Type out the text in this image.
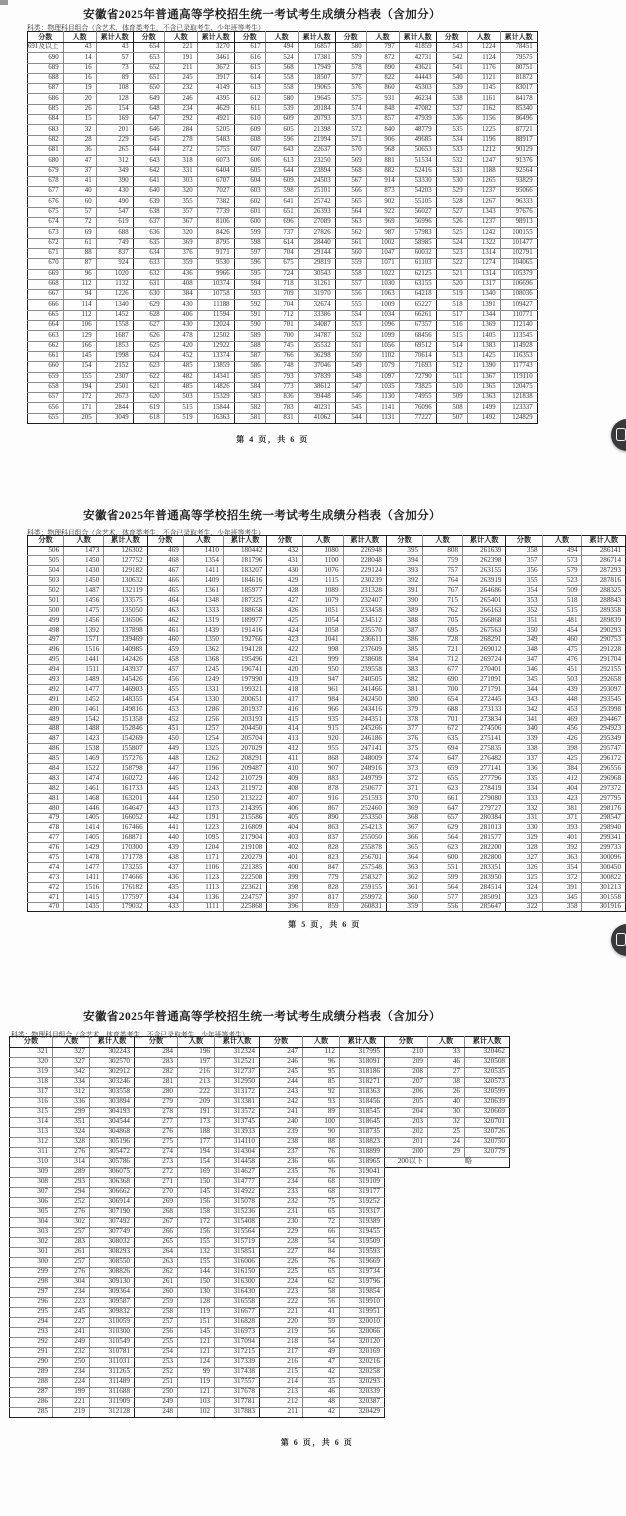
安徽省2025年普通高等学校招生统一考试考生成绩分档表（含加分）
科类：物理科目组合（含艺术、体育类考生，不含已录取考生、少年班等考生）
分数	人数	累计人数	分数	人数	累计人数	分数	人数	累计人数	分数	人数	累计人数	分数	人数	累计人数
691及以上	43	43	654	221	3270	617	494	16857	580	797	41859	543	1224	78451
690	14	57	653	191	3461	616	524	17381	579	872	42731	542	1124	79575
689	16	73	652	211	3672	615	568	17949	578	890	43621	541	1176	80751
688	16	89	651	245	3917	614	558	18507	577	822	44443	540	1121	81872
687	19	108	650	232	4149	613	558	19065	576	860	45303	539	1145	83017
686	20	128	649	246	4395	612	580	19645	575	931	46234	538	1161	84178
685	26	154	648	234	4629	611	539	20184	574	848	47082	537	1162	85340
684	15	169	647	292	4921	610	609	20793	573	857	47939	536	1156	86496
683	32	201	646	284	5205	609	605	21398	572	840	48779	535	1225	87721
682	28	229	645	278	5483	608	596	21994	571	906	49685	534	1196	88917
681	36	265	644	272	5755	607	643	22637	570	968	50653	533	1212	90129
680	47	312	643	318	6073	606	613	23250	569	881	51534	532	1247	91376
679	37	349	642	331	6404	605	644	23894	568	882	52416	531	1188	92564
678	41	390	641	303	6707	604	609	24503	567	914	53330	530	1265	93829
677	40	430	640	320	7027	603	598	25101	566	873	54203	529	1237	95066
676	60	490	639	355	7382	602	641	25742	565	902	55105	528	1267	96333
675	57	547	638	357	7739	601	651	26393	564	922	56027	527	1343	97676
674	72	619	637	367	8106	600	696	27089	563	969	56996	526	1237	98913
673	69	688	636	320	8426	599	737	27826	562	987	57983	525	1242	100155
672	61	749	635	369	8795	598	614	28440	561	1002	58985	524	1322	101477
671	88	837	634	376	9171	597	704	29144	560	1047	60032	523	1314	102791
670	87	924	633	359	9530	596	675	29819	559	1071	61103	522	1274	104065
669	96	1020	632	436	9966	595	724	30543	558	1022	62125	521	1314	105379
668	112	1132	631	408	10374	594	718	31261	557	1030	63155	520	1317	106696
667	94	1226	630	384	10758	593	709	31970	556	1063	64218	519	1340	108036
666	114	1340	629	430	11188	592	704	32674	555	1009	65227	518	1391	109427
665	112	1452	628	406	11594	591	712	33386	554	1034	66261	517	1344	110771
664	106	1558	627	430	12024	590	701	34087	553	1096	67357	516	1369	112140
663	129	1687	626	478	12502	589	700	34787	552	1099	68456	515	1405	113545
662	166	1853	625	420	12922	588	745	35532	551	1056	69512	514	1383	114928
661	145	1998	624	452	13374	587	766	36298	550	1102	70614	513	1425	116353
660	154	2152	623	485	13859	586	748	37046	549	1079	71693	512	1390	117743
659	155	2307	622	482	14341	585	793	37839	548	1097	72790	511	1367	119110
658	194	2501	621	485	14826	584	773	38612	547	1035	73825	510	1365	120475
657	172	2673	620	503	15329	583	836	39448	546	1130	74955	509	1363	121838
656	171	2844	619	515	15844	582	783	40231	545	1141	76096	508	1499	123337
655	205	3049	618	519	16363	581	831	41062	544	1131	77227	507	1492	124829
第 4 页，共 6 页
安徽省2025年普通高等学校招生统一考试考生成绩分档表（含加分）
科类：物理科目组合（含艺术、体育类考生，不含已录取考生、少年班等考生）
分数	人数	累计人数	分数	人数	累计人数	分数	人数	累计人数	分数	人数	累计人数	分数	人数	累计人数
506	1473	126302	469	1410	180442	432	1080	226948	395	808	261639	358	494	286141
505	1450	127752	468	1354	181796	431	1100	228048	394	759	262398	357	573	286714
504	1430	129182	467	1411	183207	430	1076	229124	393	757	263155	356	579	287293
503	1450	130632	466	1409	184616	429	1115	230239	392	764	263919	355	523	287816
502	1487	132119	465	1361	185977	428	1089	231328	391	767	264686	354	509	288325
501	1456	133575	464	1348	187325	427	1079	232407	390	715	265401	353	518	288843
500	1475	135050	463	1333	188658	426	1051	233458	389	762	266163	352	515	289358
499	1456	136506	462	1319	189977	425	1054	234512	388	705	266868	351	481	289839
498	1392	137898	461	1439	191416	424	1058	235570	387	695	267563	350	454	290293
497	1571	139469	460	1350	192766	423	1041	236611	386	728	268291	349	460	290753
496	1516	140985	459	1362	194128	422	998	237609	385	721	269012	348	475	291228
495	1441	142426	458	1368	195496	421	999	238608	384	712	269724	347	476	291704
494	1511	143937	457	1245	196741	420	950	239558	383	677	270401	346	451	292155
493	1489	145426	456	1249	197990	419	947	240505	382	690	271091	345	503	292658
492	1477	146903	455	1331	199321	418	961	241466	381	700	271791	344	439	293097
491	1452	148355	454	1330	200651	417	984	242450	380	654	272445	343	448	293545
490	1461	149816	453	1286	201937	416	966	243416	379	688	273133	342	453	293998
489	1542	151358	452	1256	203193	415	935	244351	378	701	273834	341	469	294467
488	1488	152846	451	1257	204450	414	915	245266	377	672	274506	340	456	294923
487	1423	154269	450	1254	205704	413	920	246186	376	635	275141	339	426	295349
486	1538	155807	449	1325	207029	412	955	247141	375	694	275835	338	398	295747
485	1469	157276	448	1262	208291	411	868	248009	374	647	276482	337	425	296172
484	1522	158798	447	1196	209487	410	907	248916	373	659	277141	336	384	296556
483	1474	160272	446	1242	210729	409	883	249799	372	655	277796	335	412	296968
482	1461	161733	445	1243	211972	408	878	250677	371	623	278419	334	404	297372
481	1468	163201	444	1250	213222	407	916	251593	370	661	279080	333	423	297795
480	1446	164647	443	1173	214395	406	867	252460	369	647	279727	332	381	298176
479	1405	166052	442	1191	215586	405	890	253350	368	657	280384	331	371	298547
478	1414	167466	441	1223	216809	404	863	254213	367	629	281013	330	393	298940
477	1405	168871	440	1095	217904	403	837	255050	366	564	281577	329	401	299341
476	1429	170300	439	1204	219108	402	828	255878	365	623	282200	328	392	299733
475	1478	171778	438	1171	220279	401	823	256701	364	600	282800	327	363	300096
474	1477	173255	437	1106	221385	400	847	257548	363	551	283351	326	354	300450
473	1411	174666	436	1123	222508	399	779	258327	362	599	283950	325	372	300822
472	1516	176182	435	1113	223621	398	828	259155	361	564	284514	324	391	301213
471	1415	177597	434	1136	224757	397	817	259972	360	577	285091	323	345	301558
470	1435	179032	433	1111	225868	396	859	260831	359	556	285647	322	358	301916
第 5 页，共 6 页
安徽省2025年普通高等学校招生统一考试考生成绩分档表（含加分）
科类：物理科目组合（含艺术、体育类考生，不含已录取考生、少年班等考生）
分数	人数	累计人数	分数	人数	累计人数	分数	人数	累计人数	分数	人数	累计人数
321	327	302243	284	196	312324	247	112	317995	210	33	320462
320	327	302570	283	197	312521	246	96	318091	209	46	320508
319	342	302912	282	216	312737	245	95	318186	208	27	320535
318	334	303246	281	213	312950	244	85	318271	207	38	320573
317	312	303558	280	222	313172	243	92	318363	206	26	320599
316	336	303894	279	209	313381	242	93	318456	205	40	320639
315	299	304193	278	191	313572	241	89	318545	204	30	320669
314	351	304544	277	173	313745	240	100	318645	203	32	320701
313	324	304868	276	188	313933	239	90	318735	202	25	320726
312	328	305196	275	177	314110	238	88	318823	201	24	320750
311	276	305472	274	194	314304	237	76	318899	200	29	320779
310	314	305786	273	154	314458	236	66	318965	200以下	略	
309	289	306075	272	169	314627	235	76	319041			
308	293	306368	271	150	314777	234	68	319109			
307	294	306662	270	145	314922	233	68	319177			
306	252	306914	269	156	315078	232	75	319252			
305	276	307190	268	158	315236	231	65	319317			
304	302	307492	267	172	315408	230	72	319389			
303	257	307749	266	156	315564	229	66	319455			
302	283	308032	265	155	315719	228	54	319509			
301	261	308293	264	132	315851	227	84	319593			
300	257	308550	263	155	316006	226	76	319669			
299	276	308826	262	144	316150	225	65	319734			
298	304	309130	261	150	316300	224	62	319796			
297	234	309364	260	130	316430	223	58	319854			
296	223	309587	259	128	316558	222	56	319910			
295	245	309832	258	119	316677	221	41	319951			
294	227	310059	257	151	316828	220	59	320010			
293	241	310300	256	145	316973	219	56	320066			
292	249	310549	255	121	317094	218	54	320120			
291	232	310781	254	121	317215	217	49	320169			
290	250	311031	253	124	317339	216	47	320216			
289	234	311265	252	99	317438	215	42	320258			
288	224	311489	251	119	317557	214	35	320293			
287	199	311688	250	121	317678	213	46	320339			
286	221	311909	249	103	317781	212	48	320387			
285	219	312128	248	102	317883	211	42	320429			
第 6 页，共 6 页
